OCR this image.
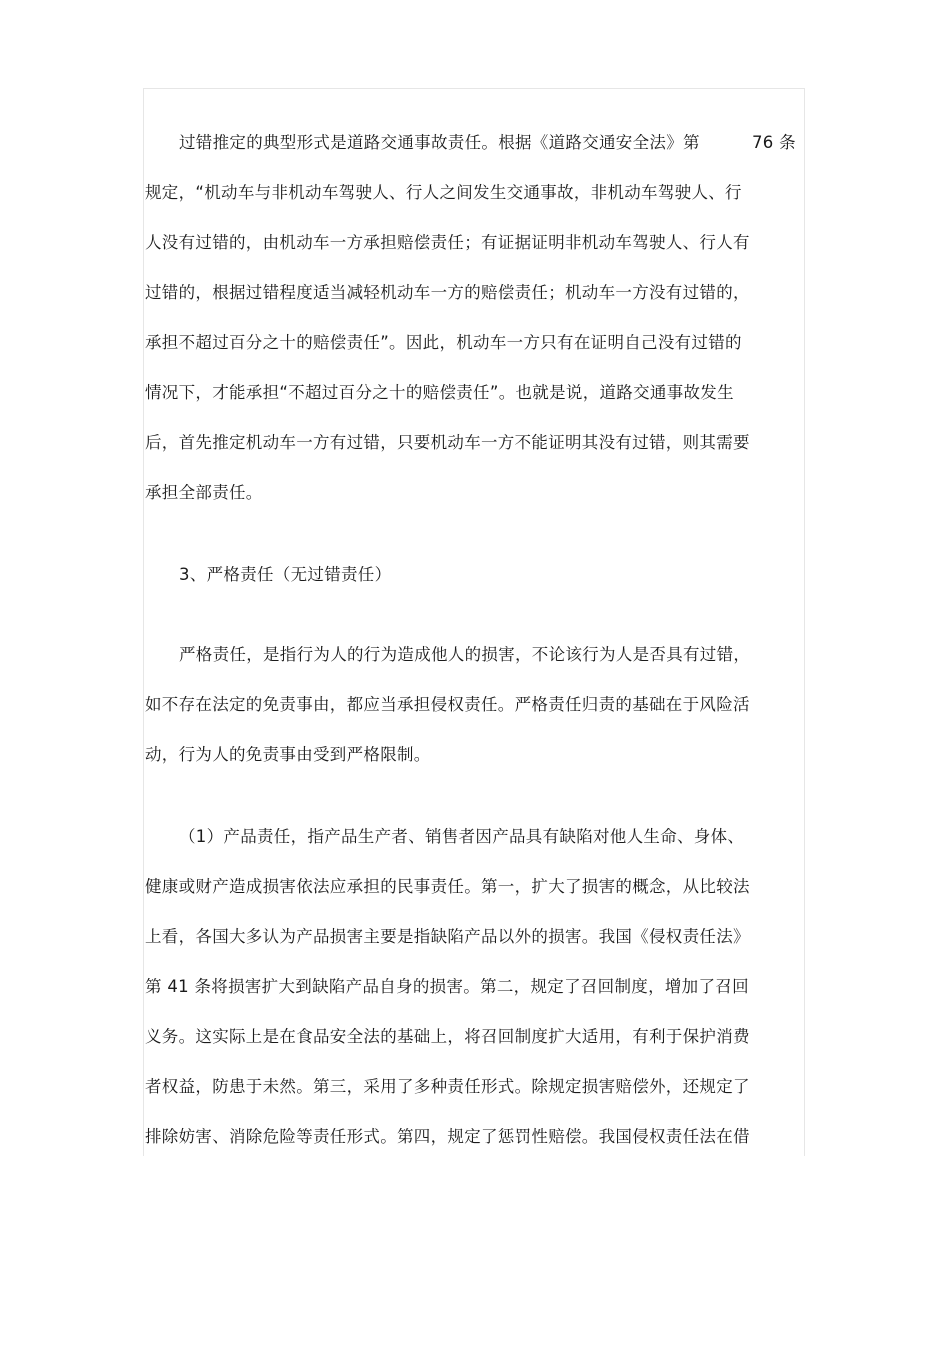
过错推定的典型形式是道路交通事故责任。根据《道路交通安全法》第	76 条
规定，“机动车与非机动车驾驶人、行人之间发生交通事故，非机动车驾驶人、行
人没有过错的，由机动车一方承担赔偿责任；有证据证明非机动车驾驶人、行人有
过错的，根据过错程度适当减轻机动车一方的赔偿责任；机动车一方没有过错的，
承担不超过百分之十的赔偿责任”。因此，机动车一方只有在证明自己没有过错的
情况下，才能承担“不超过百分之十的赔偿责任”。也就是说，道路交通事故发生
后，首先推定机动车一方有过错，只要机动车一方不能证明其没有过错，则其需要
承担全部责任。
3、严格责任（无过错责任）
严格责任，是指行为人的行为造成他人的损害，不论该行为人是否具有过错，
如不存在法定的免责事由，都应当承担侵权责任。严格责任归责的基础在于风险活
动，行为人的免责事由受到严格限制。
（1）产品责任，指产品生产者、销售者因产品具有缺陷对他人生命、身体、
健康或财产造成损害依法应承担的民事责任。第一，扩大了损害的概念，从比较法
上看，各国大多认为产品损害主要是指缺陷产品以外的损害。我国《侵权责任法》
第 41 条将损害扩大到缺陷产品自身的损害。第二，规定了召回制度，增加了召回
义务。这实际上是在食品安全法的基础上，将召回制度扩大适用，有利于保护消费
者权益，防患于未然。第三，采用了多种责任形式。除规定损害赔偿外，还规定了
排除妨害、消除危险等责任形式。第四，规定了惩罚性赔偿。我国侵权责任法在借
